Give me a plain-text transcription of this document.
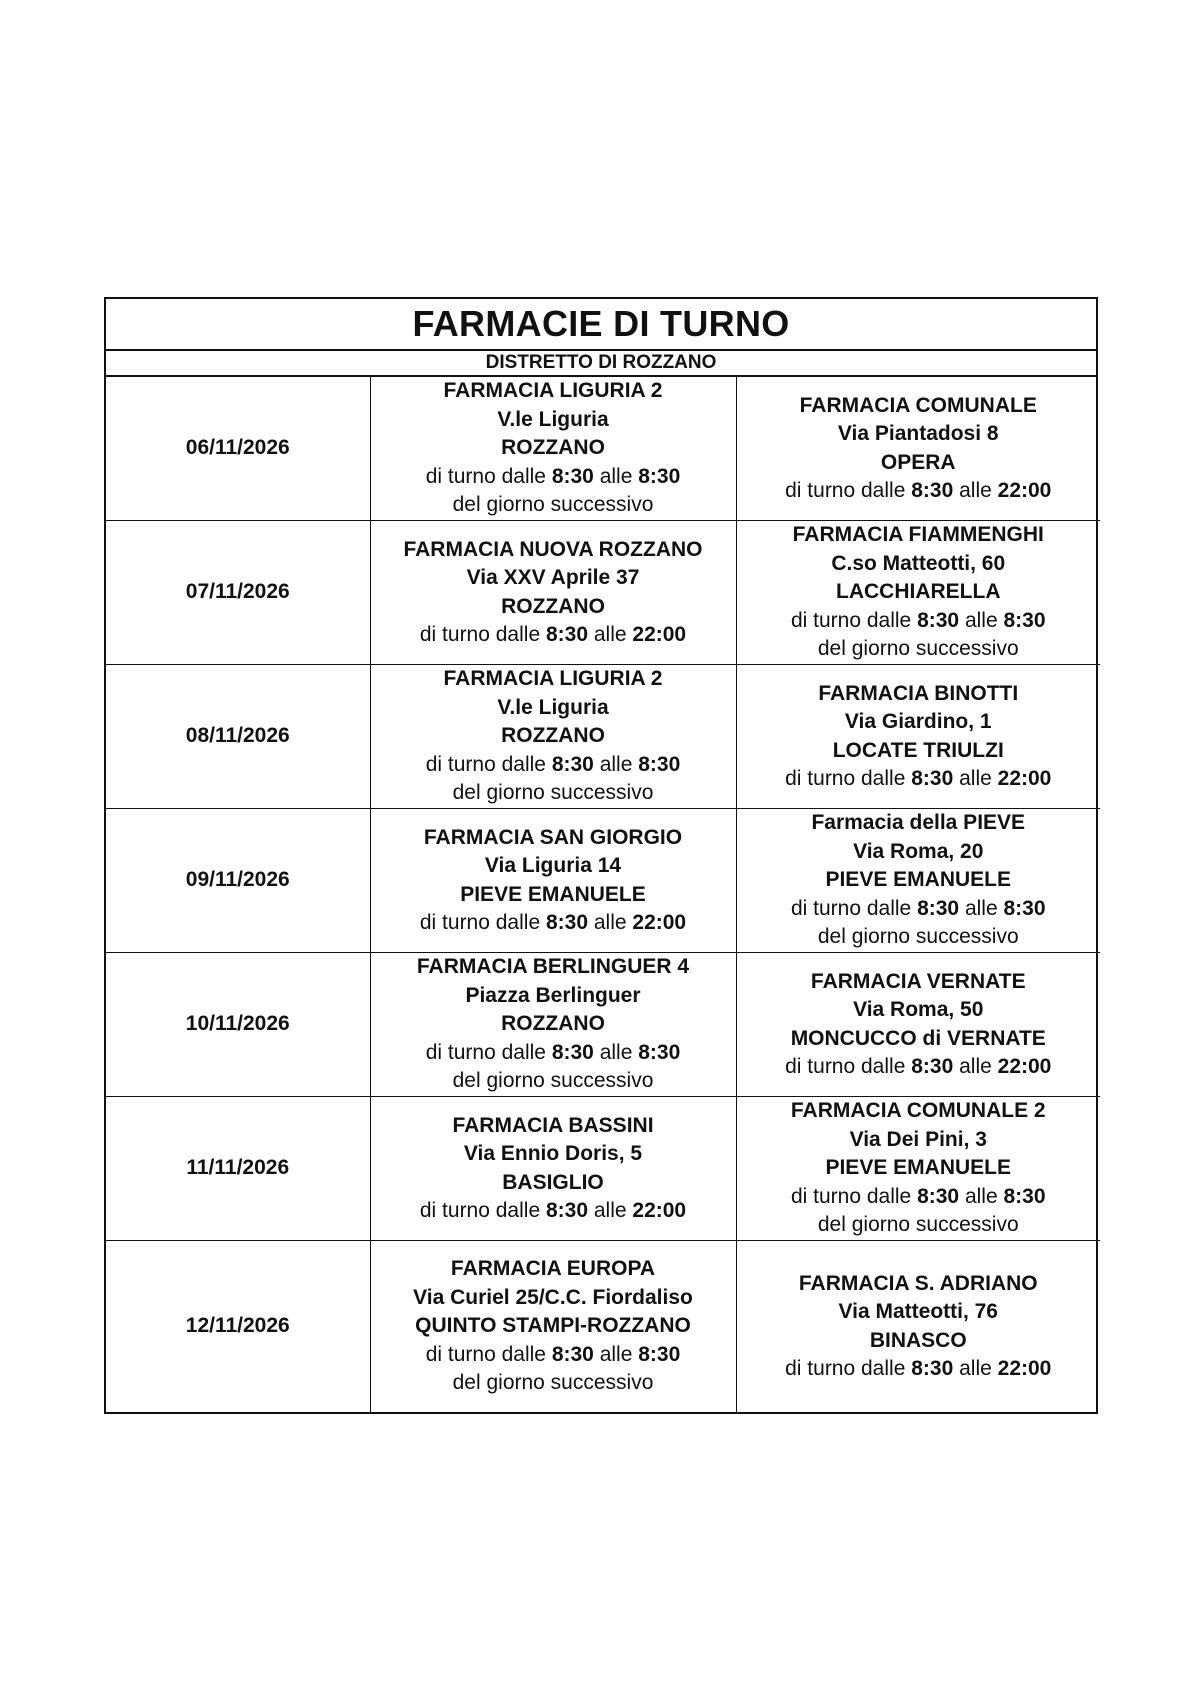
FARMACIE DI TURNO
DISTRETTO DI ROZZANO
06/11/2026	FARMACIA LIGURIA 2
V.le Liguria
ROZZANO
di turno dalle 8:30 alle 8:30
del giorno successivo	FARMACIA COMUNALE
Via Piantadosi 8
OPERA
di turno dalle 8:30 alle 22:00

07/11/2026	FARMACIA NUOVA ROZZANO
Via XXV Aprile 37
ROZZANO
di turno dalle 8:30 alle 22:00	FARMACIA FIAMMENGHI
C.so Matteotti, 60
LACCHIARELLA
di turno dalle 8:30 alle 8:30
del giorno successivo

08/11/2026	FARMACIA LIGURIA 2
V.le Liguria
ROZZANO
di turno dalle 8:30 alle 8:30
del giorno successivo	FARMACIA BINOTTI
Via Giardino, 1
LOCATE TRIULZI
di turno dalle 8:30 alle 22:00

09/11/2026	FARMACIA SAN GIORGIO
Via Liguria 14
PIEVE EMANUELE
di turno dalle 8:30 alle 22:00	Farmacia della PIEVE
Via Roma, 20
PIEVE EMANUELE
di turno dalle 8:30 alle 8:30
del giorno successivo

10/11/2026	FARMACIA BERLINGUER 4
Piazza Berlinguer
ROZZANO
di turno dalle 8:30 alle 8:30
del giorno successivo	FARMACIA VERNATE
Via Roma, 50
MONCUCCO di VERNATE
di turno dalle 8:30 alle 22:00

11/11/2026	FARMACIA BASSINI
Via Ennio Doris, 5
BASIGLIO
di turno dalle 8:30 alle 22:00	FARMACIA COMUNALE 2
Via Dei Pini, 3
PIEVE EMANUELE
di turno dalle 8:30 alle 8:30
del giorno successivo

12/11/2026	FARMACIA EUROPA
Via Curiel 25/C.C. Fiordaliso
QUINTO STAMPI-ROZZANO
di turno dalle 8:30 alle 8:30
del giorno successivo	FARMACIA S. ADRIANO
Via Matteotti, 76
BINASCO
di turno dalle 8:30 alle 22:00
